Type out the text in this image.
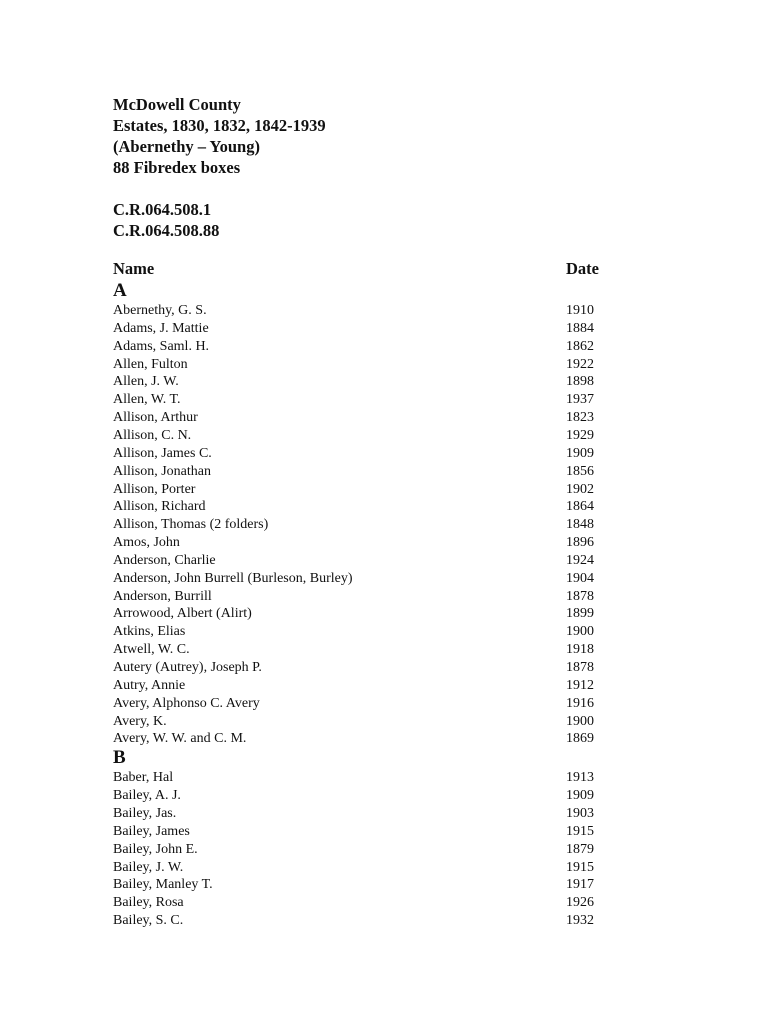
McDowell County
Estates, 1830, 1832, 1842-1939
(Abernethy – Young)
88 Fibredex boxes
C.R.064.508.1
C.R.064.508.88
Name	Date
A
Abernethy, G. S.	1910
Adams, J. Mattie	1884
Adams, Saml. H.	1862
Allen, Fulton	1922
Allen, J. W.	1898
Allen, W. T.	1937
Allison, Arthur	1823
Allison, C. N.	1929
Allison, James C.	1909
Allison, Jonathan	1856
Allison, Porter	1902
Allison, Richard	1864
Allison, Thomas (2 folders)	1848
Amos, John	1896
Anderson, Charlie	1924
Anderson, John Burrell (Burleson, Burley)	1904
Anderson, Burrill	1878
Arrowood, Albert (Alirt)	1899
Atkins, Elias	1900
Atwell, W. C.	1918
Autery (Autrey), Joseph P.	1878
Autry, Annie	1912
Avery, Alphonso C. Avery	1916
Avery, K.	1900
Avery, W. W. and C. M.	1869
B
Baber, Hal	1913
Bailey, A. J.	1909
Bailey, Jas.	1903
Bailey, James	1915
Bailey, John E.	1879
Bailey, J. W.	1915
Bailey, Manley T.	1917
Bailey, Rosa	1926
Bailey, S. C.	1932
